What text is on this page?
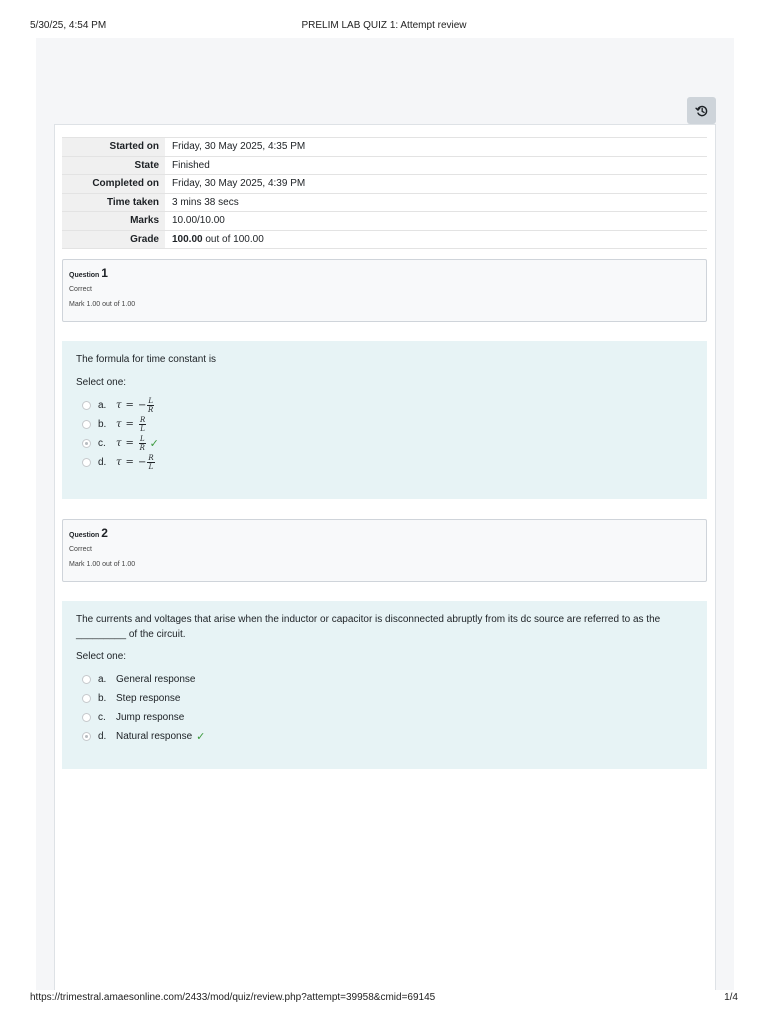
5/30/25, 4:54 PM	PRELIM LAB QUIZ 1: Attempt review
Started on	Friday, 30 May 2025, 4:35 PM
State	Finished
Completed on	Friday, 30 May 2025, 4:39 PM
Time taken	3 mins 38 secs
Marks	10.00/10.00
Grade	100.00 out of 100.00
Question 1
Correct
Mark 1.00 out of 1.00
The formula for time constant is
Select one:
a. τ = − $\frac{L}{R}$
b. $\tau = \frac{R}{L}$
c.	$\tau = \frac{L}{R}$ ✓
d. τ = − $\frac{R}{L}$
Question 2
Correct
Mark 1.00 out of 1.00
The currents and voltages that arise when the inductor or capacitor is disconnected abruptly from its dc source are referred to as the _________ of the circuit.
Select one:
a. General response
b. Step response
c.	Jump response
d. Natural response ✓
https://trimestral.amaesonline.com/2433/mod/quiz/review.php?attempt=39958&cmid=69145	1/4
